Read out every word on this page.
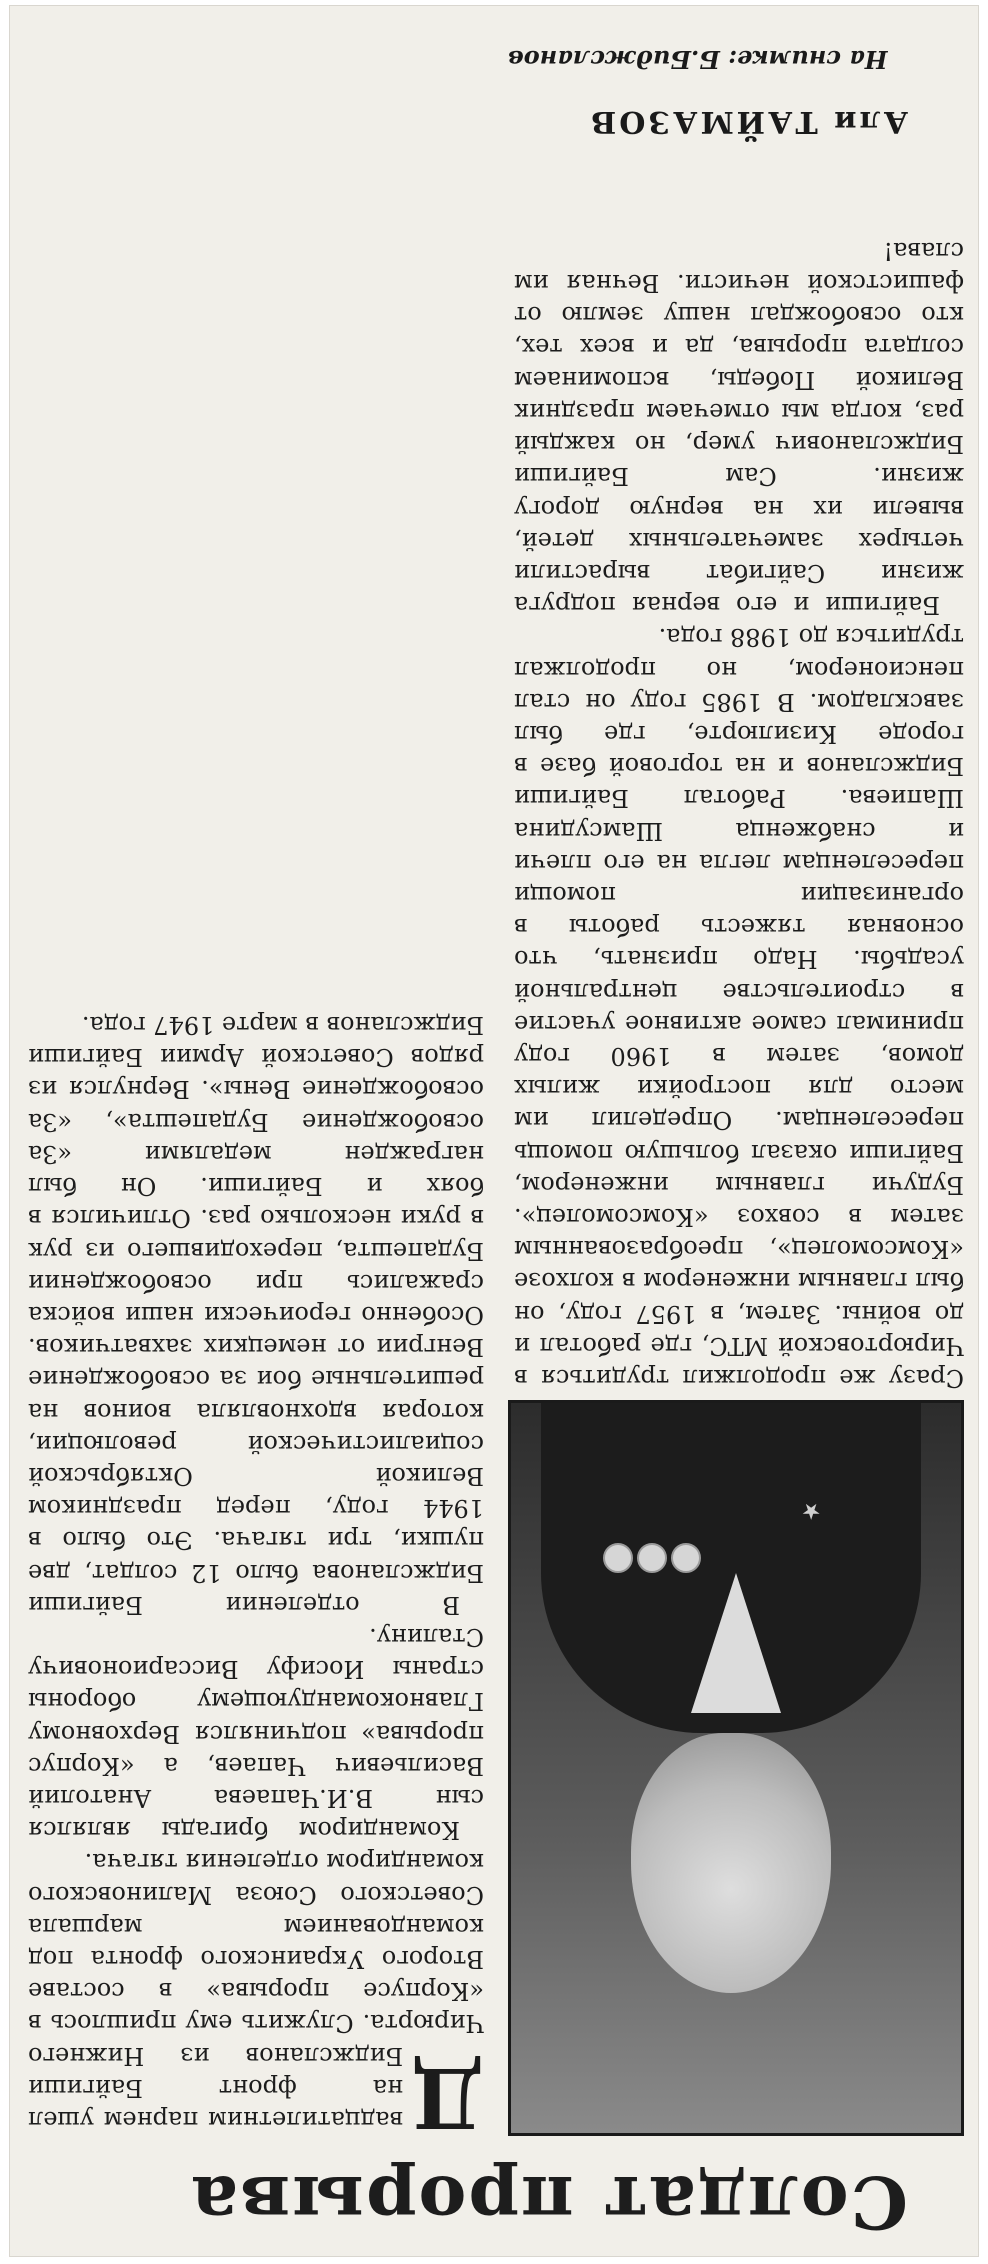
Солдат прорыва
★
Д

вадцатилетним парнем ушел на фронт Байгиши Биджсланов из Нижнего Чирюрта. Служить ему пришлось в «Корпусе прорыва» в составе Второго Украинского фронта под командованием маршала Советского Союза Малиновского командиром отделения тягача.

Командиром бригады являлся сын В.И.Чапаева Анатолий Васильевич Чапаев, а «Корпус прорыва» подчинялся Верховному Главнокомандующему обороны страны Иосифу Виссарионовичу Сталину.

В отделении Байгиши Биджсланова было 12 солдат, две пушки, три тягача. Это было в 1944 году, перед праздником Великой Октябрьской социалистической революции, которая вдохновляла воинов на решительные бои за освобождение Венгрии от немецких захватчиков. Особенно героически наши войска сражались при освобождении Будапешта, переходившего из рук в руки несколько раз. Отличился в боях и Байгиши. Он был награжден медалями «За освобождение Будапешта», «За освобождение Вены». Вернулся из рядов Советской Армии Байгиши Биджсланов в марте 1947 года.

Сразу же продолжил трудиться в Чирюртовской МТС, где работал и до войны. Затем, в 1957 году, он был главным инженером в колхозе «Комсомолец», преобразованным затем в совхоз «Комсомолец». Будучи главным инженером, Байгиши оказал большую помощь переселенцам. Определил им место для постройки жилых домов, затем в 1960 году принимал самое активное участие в строительстве центральной усадьбы. Надо признать, что основная тяжесть работы в организации помощи переселенцам легла на его плечи и снабженца Шамсудина Шапиева. Работал Байгиши Биджсланов и на торговой базе в городе Кизилюрте, где был завскладом. В 1985 году он стал пенсионером, но продолжал трудиться до 1988 года.

Байгиши и его верная подруга жизни Сайгибат вырастили четырех замечательных детей, вывели их на верную дорогу жизни. Сам Байгиши Биджсланович умер, но каждый раз, когда мы отмечаем праздник Великой Победы, вспоминаем солдата прорыва, да и всех тех, кто освобождал нашу землю от фашистской нечисти. Вечная им слава!

Али ТАЙМАЗОВ
На снимке: Б.Биджсланов
